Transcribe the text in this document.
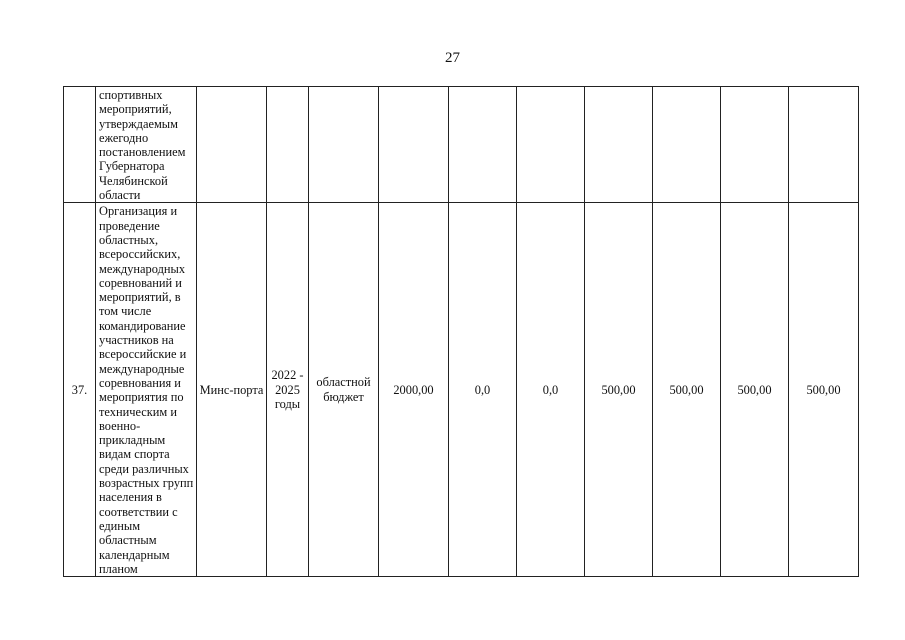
27
	спортивных мероприятий, утверждаемым ежегодно постановлением Губернатора Челябинской области										
37.	Организация и проведение областных, всероссийских, международных соревнований и мероприятий, в том числе командирование участников на всероссийские и международные соревнования и мероприятия по техническим и военно-прикладным видам спорта среди различных возрастных групп населения в соответствии с единым областным календарным планом	Минс-порта	2022 - 2025 годы	областной бюджет	2000,00	0,0	0,0	500,00	500,00	500,00	500,00
